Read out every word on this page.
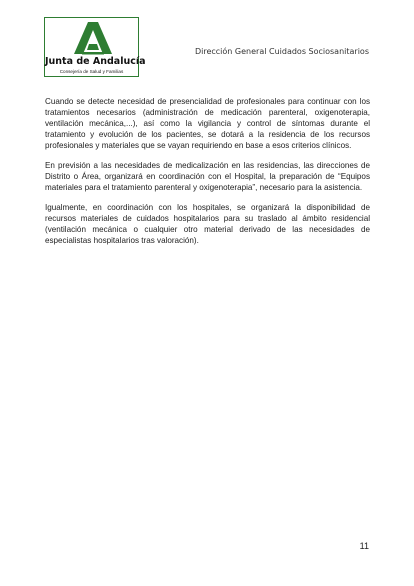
Junta de Andalucía
Consejería de Salud y Familias
Dirección General Cuidados Sociosanitarios

Cuando se detecte necesidad de presencialidad de profesionales para continuar con los tratamientos necesarios (administración de medicación parenteral, oxigenoterapia, ventilación mecánica,...), así como la vigilancia y control de síntomas durante el tratamiento y evolución de los pacientes, se dotará a la residencia de los recursos profesionales y materiales que se vayan requiriendo en base a esos criterios clínicos.

En previsión a las necesidades de medicalización en las residencias, las direcciones de Distrito o Área, organizará en coordinación con el Hospital, la preparación de “Equipos materiales para el tratamiento parenteral y oxigenoterapia”, necesario para la asistencia.

Igualmente, en coordinación con los hospitales, se organizará la disponibilidad de recursos materiales de cuidados hospitalarios para su traslado al ámbito residencial (ventilación mecánica o cualquier otro material derivado de las necesidades de especialistas hospitalarios tras valoración).

11
